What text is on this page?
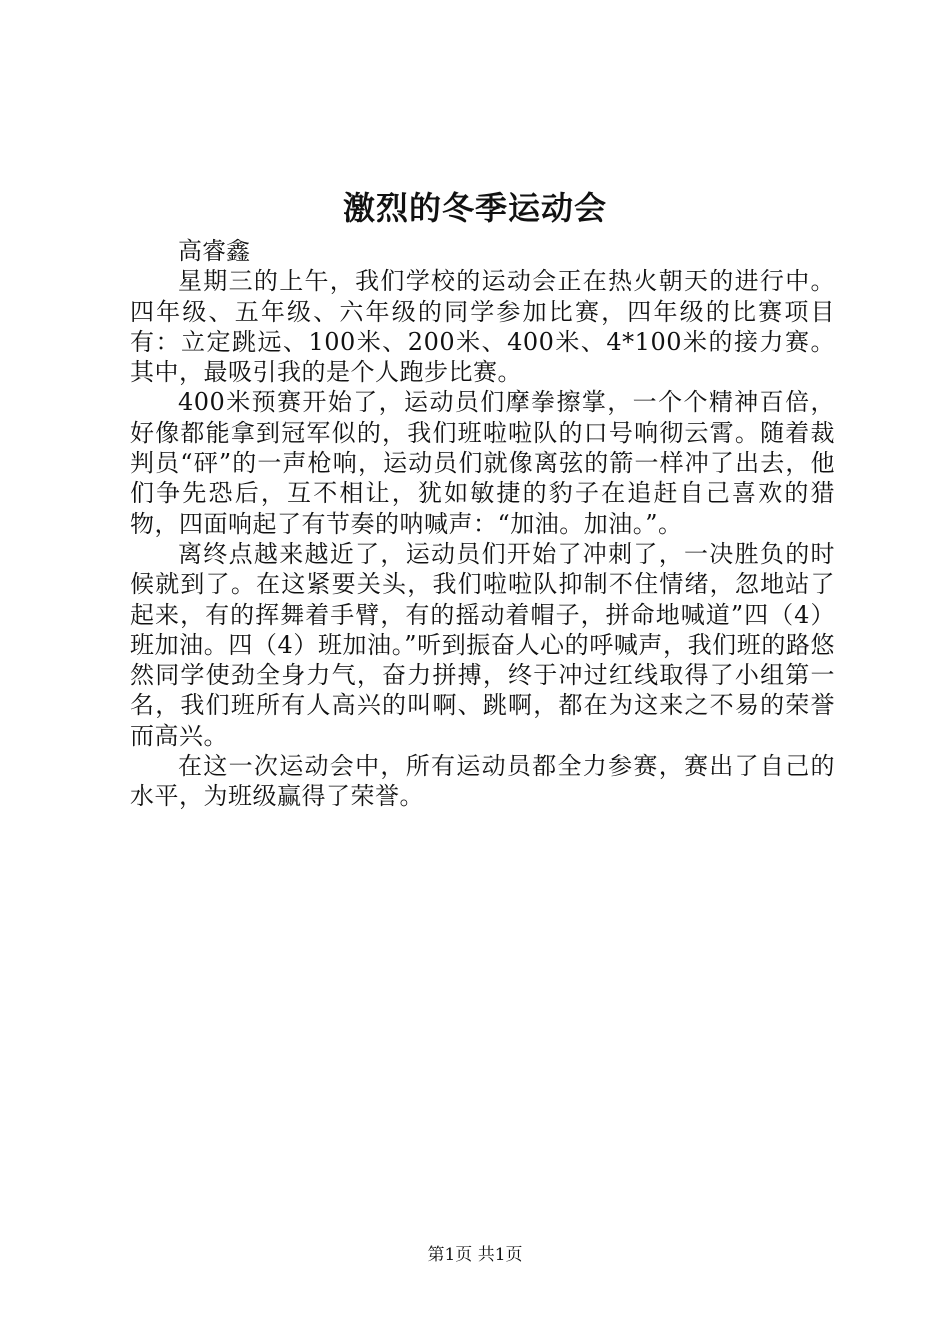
激烈的冬季运动会

高睿鑫

星期三的上午，我们学校的运动会正在热火朝天的进行中。四年级、五年级、六年级的同学参加比赛，四年级的比赛项目有：立定跳远、100米、200米、400米、4*100米的接力赛。其中，最吸引我的是个人跑步比赛。

400米预赛开始了，运动员们摩拳擦掌，一个个精神百倍，好像都能拿到冠军似的，我们班啦啦队的口号响彻云霄。随着裁判员“砰”的一声枪响，运动员们就像离弦的箭一样冲了出去，他们争先恐后，互不相让，犹如敏捷的豹子在追赶自己喜欢的猎物，四面响起了有节奏的呐喊声：“加油。加油。”。

离终点越来越近了，运动员们开始了冲刺了，一决胜负的时候就到了。在这紧要关头，我们啦啦队抑制不住情绪，忽地站了起来，有的挥舞着手臂，有的摇动着帽子，拼命地喊道”四（4）班加油。四（4）班加油。”听到振奋人心的呼喊声，我们班的路悠然同学使劲全身力气，奋力拼搏，终于冲过红线取得了小组第一名，我们班所有人高兴的叫啊、跳啊，都在为这来之不易的荣誉而高兴。

在这一次运动会中，所有运动员都全力参赛，赛出了自己的水平，为班级赢得了荣誉。

第1页 共1页
